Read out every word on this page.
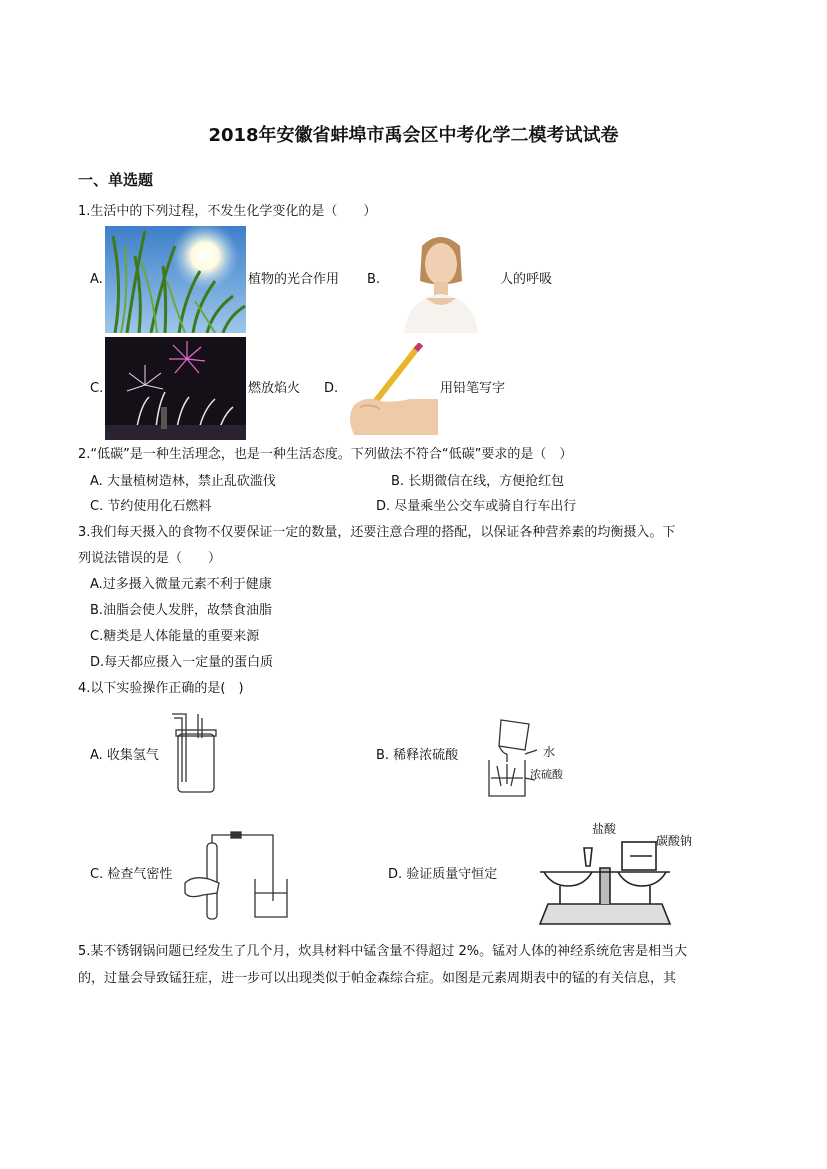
2018年安徽省蚌埠市禹会区中考化学二模考试试卷
一、单选题
1.生活中的下列过程，不发生化学变化的是（　　）
A.	植物的光合作用 B.	人的呼吸
C.	燃放焰火 D.	用铅笔写字
2.“低碳”是一种生活理念，也是一种生活态度。下列做法不符合“低碳”要求的是（　）
A. 大量植树造林，禁止乱砍滥伐	B. 长期微信在线，方便抢红包
C. 节约使用化石燃料	D. 尽量乘坐公交车或骑自行车出行
3.我们每天摄入的食物不仅要保证一定的数量，还要注意合理的搭配，以保证各种营养素的均衡摄入。下
列说法错误的是（　　）
A.过多摄入微量元素不利于健康
B.油脂会使人发胖，故禁食油脂
C.糖类是人体能量的重要来源
D.每天都应摄入一定量的蛋白质
4.以下实验操作正确的是(　)
A. 收集氢气	B. 稀释浓硫酸	水
浓硫酸
C. 检查气密性	D. 验证质量守恒定
盐酸
碳酸钠
5.某不锈钢锅问题已经发生了几个月，炊具材料中锰含量不得超过 2%。锰对人体的神经系统危害是相当大
的，过量会导致锰狂症，进一步可以出现类似于帕金森综合症。如图是元素周期表中的锰的有关信息，其
